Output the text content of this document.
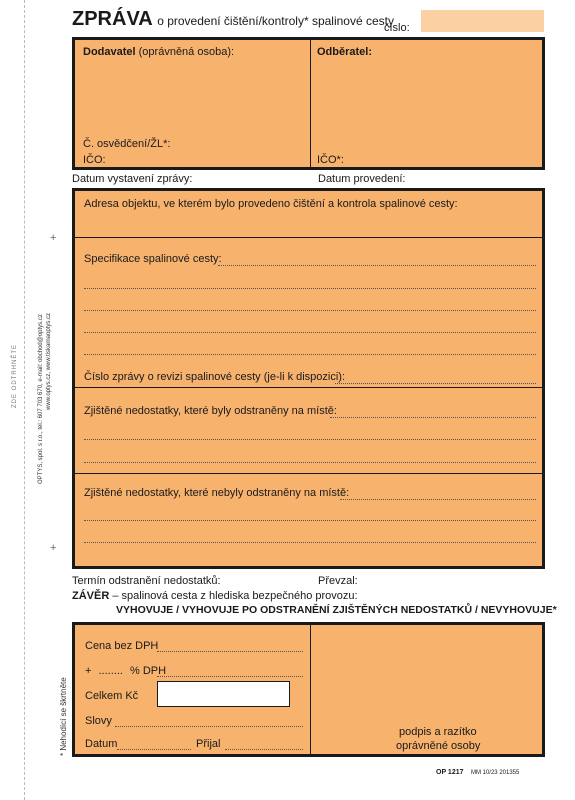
ZDE ODTRHNĚTE	OPTYS, spol. s r.o., tel.: 607 703 670, e-mail: obchod@optys.cz www.optys.cz, www.tiskarnaoptys.cz
* Nehodící se škrtněte
+
+
ZPRÁVA o provedení čištění/kontroly* spalinové cesty
číslo:
Dodavatel (oprávněná osoba):	Odběratel:
Č. osvědčení/ŽL*:
IČO:	IČO*:
Datum vystavení zprávy:	Datum provedení:
Adresa objektu, ve kterém bylo provedeno čištění a kontrola spalinové cesty:
Specifikace spalinové cesty:
Číslo zprávy o revizi spalinové cesty (je-li k dispozici):
Zjištěné nedostatky, které byly odstraněny na místě:
Zjištěné nedostatky, které nebyly odstraněny na místě:
Termín odstranění nedostatků:	Převzal:
ZÁVĚR – spalinová cesta z hlediska bezpečného provozu:
VYHOVUJE / VYHOVUJE PO ODSTRANĚNÍ ZJIŠTĚNÝCH NEDOSTATKŮ / NEVYHOVUJE*
Cena bez DPH
+ ........ % DPH
Celkem Kč
Slovy
Datum	Přijal
podpis a razítko
oprávněné osoby
OP 1217 MM 10/23 201355
